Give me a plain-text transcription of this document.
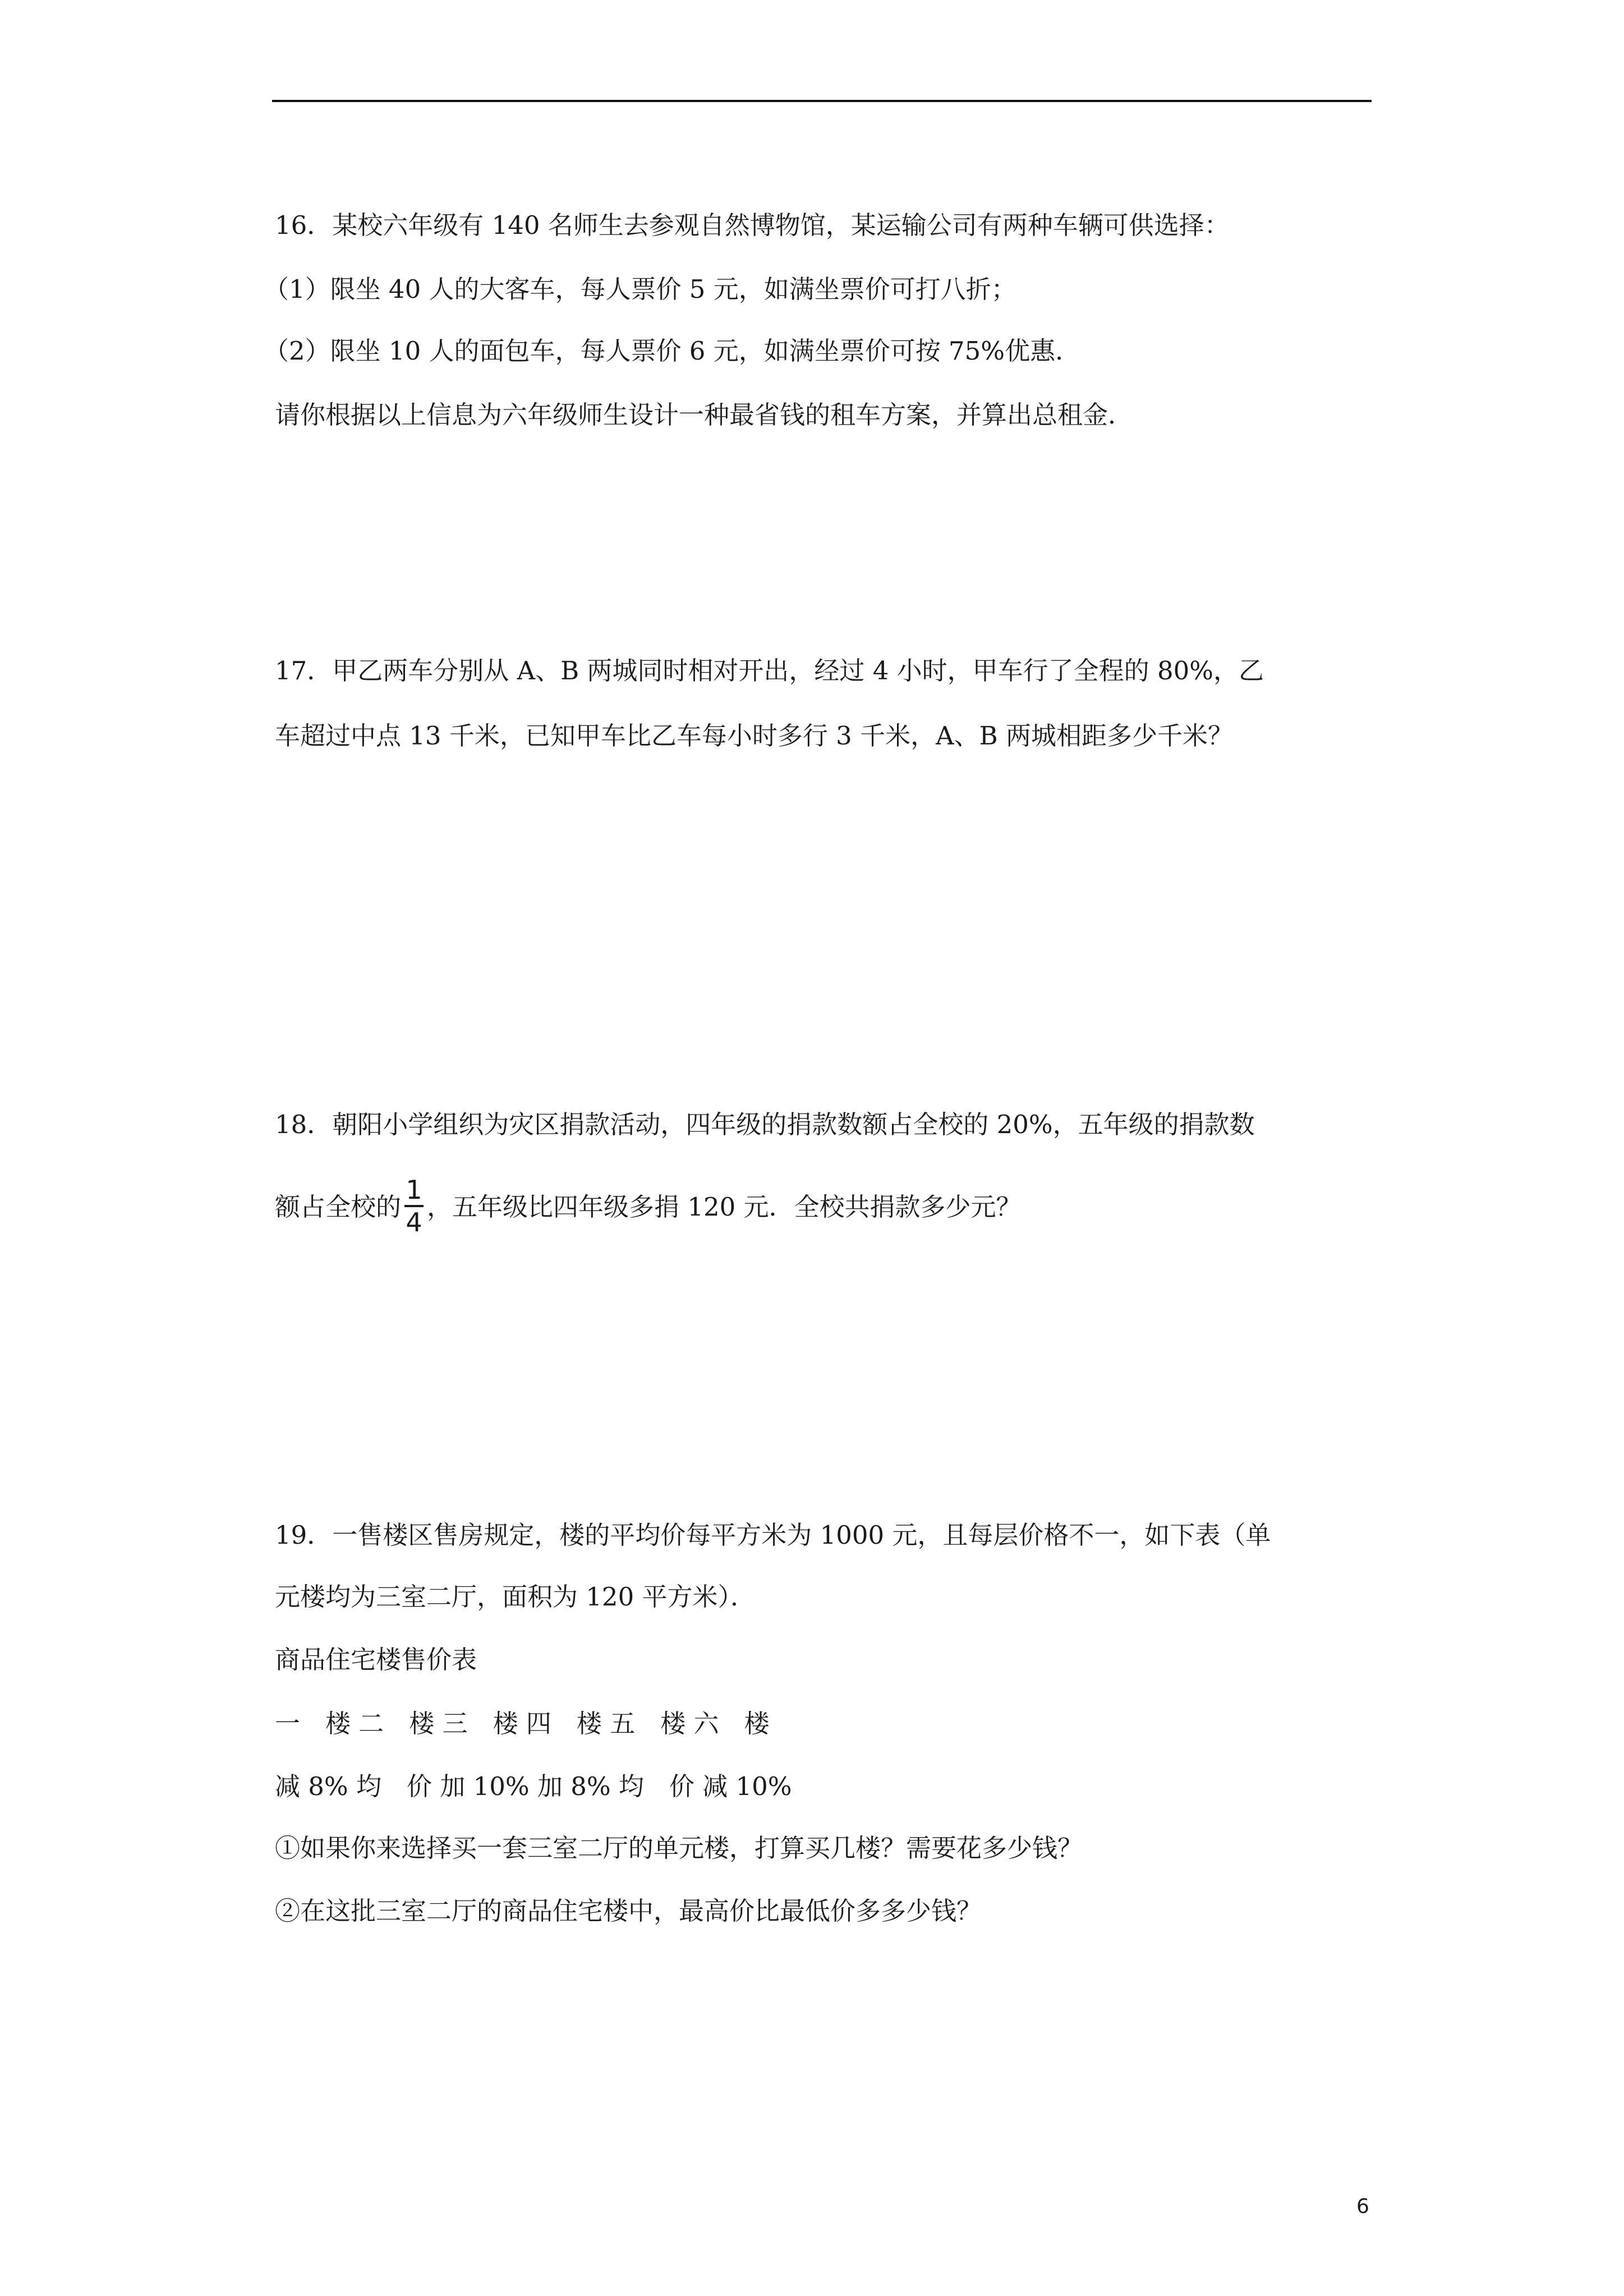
16．某校六年级有 140 名师生去参观自然博物馆，某运输公司有两种车辆可供选择：
（1）限坐 40 人的大客车，每人票价 5 元，如满坐票价可打八折；
（2）限坐 10 人的面包车，每人票价 6 元，如满坐票价可按 75%优惠．
请你根据以上信息为六年级师生设计一种最省钱的租车方案，并算出总租金．
17．甲乙两车分别从 A、B 两城同时相对开出，经过 4 小时，甲车行了全程的 80%，乙
车超过中点 13 千米，已知甲车比乙车每小时多行 3 千米，A、B 两城相距多少千米？
18．朝阳小学组织为灾区捐款活动，四年级的捐款数额占全校的 20%，五年级的捐款数
额占全校的 $\frac{1}{4}$ ，五年级比四年级多捐 120 元．全校共捐款多少元？
19．一售楼区售房规定，楼的平均价每平方米为 1000 元，且每层价格不一，如下表（单
元楼均为三室二厅，面积为 120 平方米）．
商品住宅楼售价表
一　楼 二　楼 三　楼 四　楼 五　楼 六　楼
减 8% 均　价 加 10% 加 8% 均　价 减 10%
①如果你来选择买一套三室二厅的单元楼，打算买几楼？需要花多少钱？
②在这批三室二厅的商品住宅楼中，最高价比最低价多多少钱？
6
